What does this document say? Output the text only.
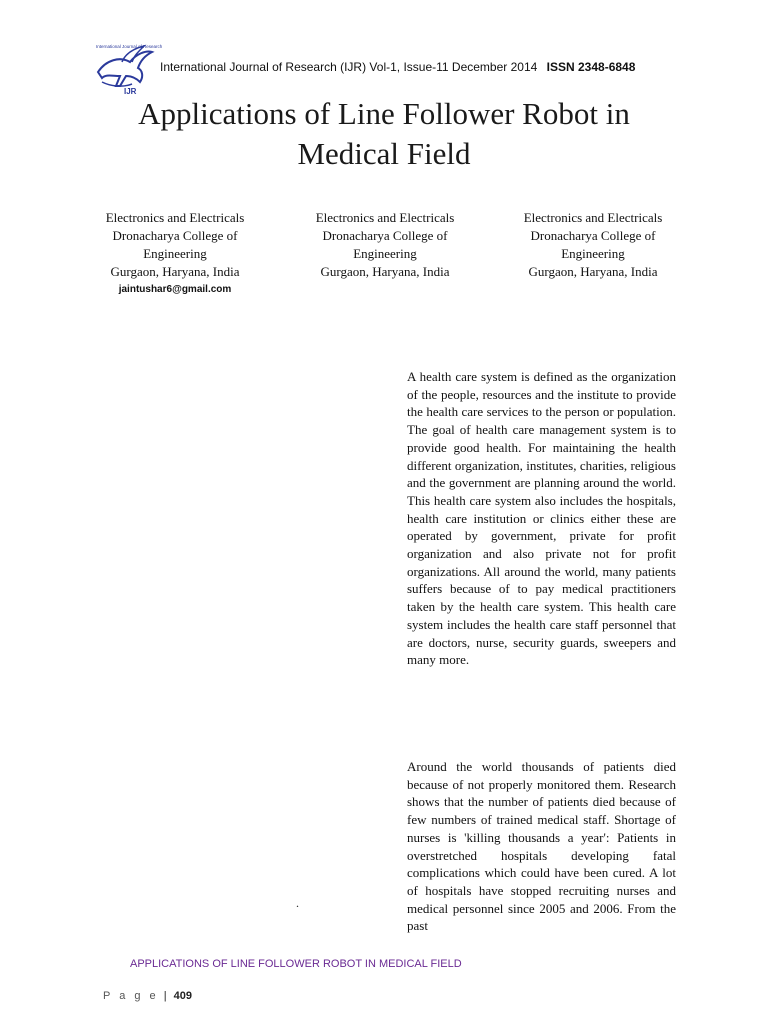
International Journal of Research
IJR
International Journal of Research (IJR) Vol-1, Issue-11 December 2014 ISSN 2348-6848
Applications of Line Follower Robot in
Medical Field
Electronics and Electricals
Dronacharya College of
Engineering
Gurgaon, Haryana, India
jaintushar6@gmail.com
Electronics and Electricals
Dronacharya College of
Engineering
Gurgaon, Haryana, India
Electronics and Electricals
Dronacharya College of
Engineering
Gurgaon, Haryana, India

A health care system is defined as the organization of the people, resources and the institute to provide the health care services to the person or population. The goal of health care management system is to provide good health. For maintaining the health different organization, institutes, charities, religious and the government are planning around the world. This health care system also includes the hospitals, health care institution or clinics either these are operated by government, private for profit organization and also private not for profit organizations. All around the world, many patients suffers because of to pay medical practitioners taken by the health care system. This health care system includes the health care staff personnel that are doctors, nurse, security guards, sweepers and many more.

Around the world thousands of patients died because of not properly monitored them. Research shows that the number of patients died because of few numbers of trained medical staff. Shortage of nurses is 'killing thousands a year': Patients in overstretched hospitals developing fatal complications which could have been cured. A lot of hospitals have stopped recruiting nurses and medical personnel since 2005 and 2006. From the past

.
APPLICATIONS OF LINE FOLLOWER ROBOT IN MEDICAL FIELD
P a g e | 409
